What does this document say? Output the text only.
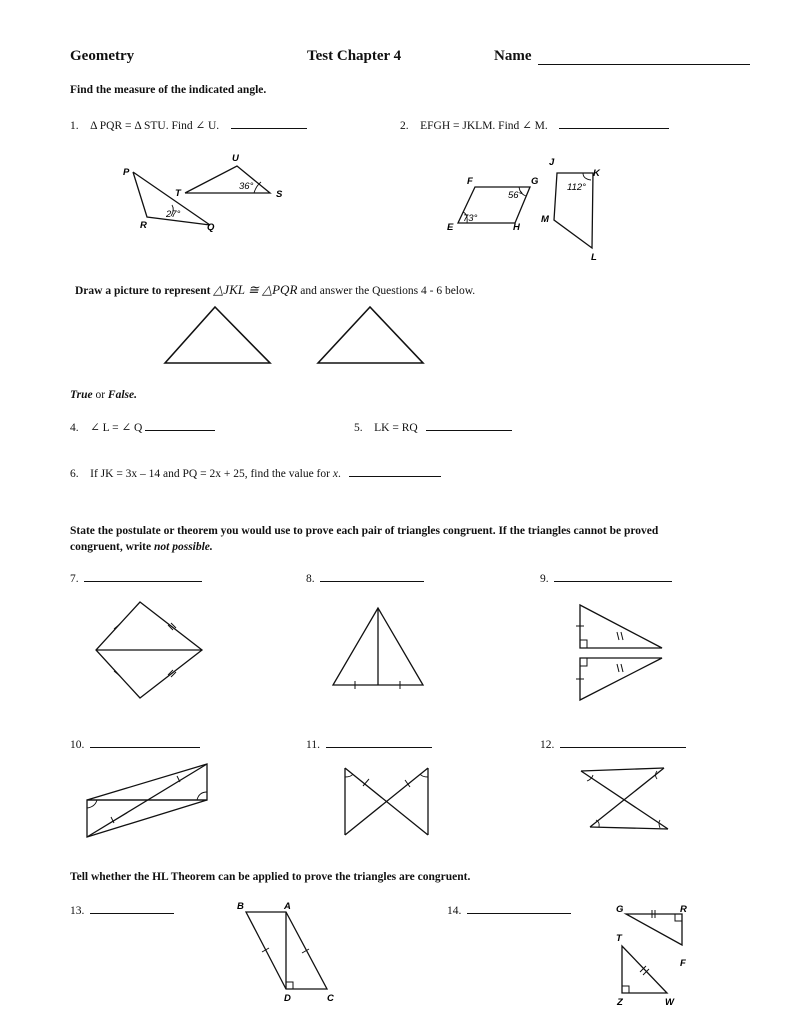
Geometry	Test Chapter 4	Name
Find the measure of the indicated angle.
1. Δ PQR = Δ STU. Find ∠ U.	2. EFGH = JKLM. Find ∠ M.
P
U
T	S
R	Q
36°
27°
F	G
J
K
E	H
M
L
56°
73°
112°
Draw a picture to represent △JKL ≅ △PQR and answer the Questions 4 - 6 below.
True or False.
4. ∠ L = ∠ Q	5. LK = RQ
6. If JK = 3x – 14 and PQ = 2x + 25, find the value for x.
State the postulate or theorem you would use to prove each pair of triangles congruent. If the triangles cannot be proved
congruent, write not possible.
7.	8.	9.
10.	11.	12.
Tell whether the HL Theorem can be applied to prove the triangles are congruent.
13.	14.
B	A
D	C
G	R
T
F
Z	W
